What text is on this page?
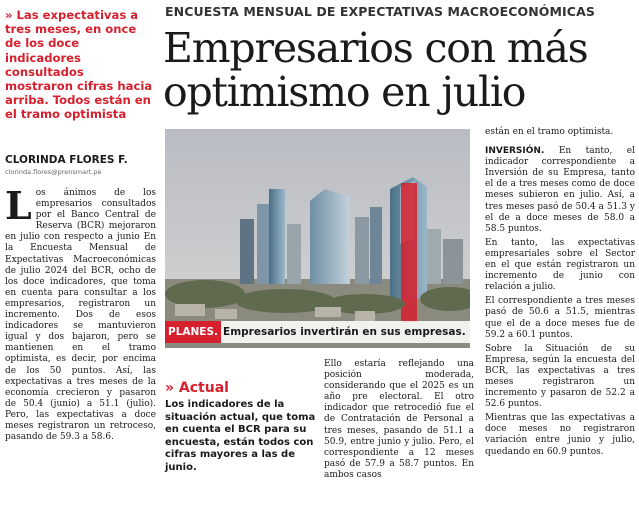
ENCUESTA MENSUAL DE EXPECTATIVAS MACROECONÓMICAS
Empresarios con más optimismo en julio
» Las expectativas a tres meses, en once de los doce indicadores consultados mostraron cifras hacia arriba. Todos están en el tramo optimista
CLORINDA FLORES F.
clorinda.flores@prensmart.pe
Los ánimos de los empresarios consultados por el Banco Central de Reserva (BCR) mejoraron en julio con respecto a junio En la Encuesta Mensual de Expectativas Macroeconómicas de julio 2024 del BCR, ocho de los doce indicadores, que toma en cuenta para consultar a los empresarios, registraron un incremento. Dos de esos indicadores se mantuvieron igual y dos bajaron, pero se mantienen en el tramo optimista, es decir, por encima de los 50 puntos. Así, las expectativas a tres meses de la economía crecieron y pasaron de 50.4 (junio) a 51.1 (julio). Pero, las expectativas a doce meses registraron un retroceso, pasando de 59.3 a 58.6.
PLANES. Empresarios invertirán en sus empresas.
» Actual
Los indicadores de la situación actual, que toma en cuenta el BCR para su encuesta, están todos con cifras mayores a las de junio.
Ello estaría reflejando una posición moderada, considerando que el 2025 es un año pre electoral. El otro indicador que retrocedió fue el de Contratación de Personal a tres meses, pasando de 51.1 a 50.9, entre junio y julio. Pero, el correspondiente a 12 meses pasó de 57.9 a 58.7 puntos. En ambos casos
están en el tramo optimista.
INVERSIÓN. En tanto, el indicador correspondiente a Inversión de su Empresa, tanto el de a tres meses como de doce meses subieron en julio. Así, a tres meses pasó de 50.4 a 51.3 y el de a doce meses de 58.0 a 58.5 puntos.
En tanto, las expectativas empresariales sobre el Sector en el que están registraron un incremento de junio con relación a julio.
El correspondiente a tres meses pasó de 50.6 a 51.5, mientras que el de a doce meses fue de 59.2 a 60.1 puntos.
Sobre la Situación de su Empresa, según la encuesta del BCR, las expectativas a tres meses registraron un incremento y pasaron de 52.2 a 52.6 puntos.
Mientras que las expectativas a doce meses no registraron variación entre junio y julio, quedando en 60.9 puntos.
